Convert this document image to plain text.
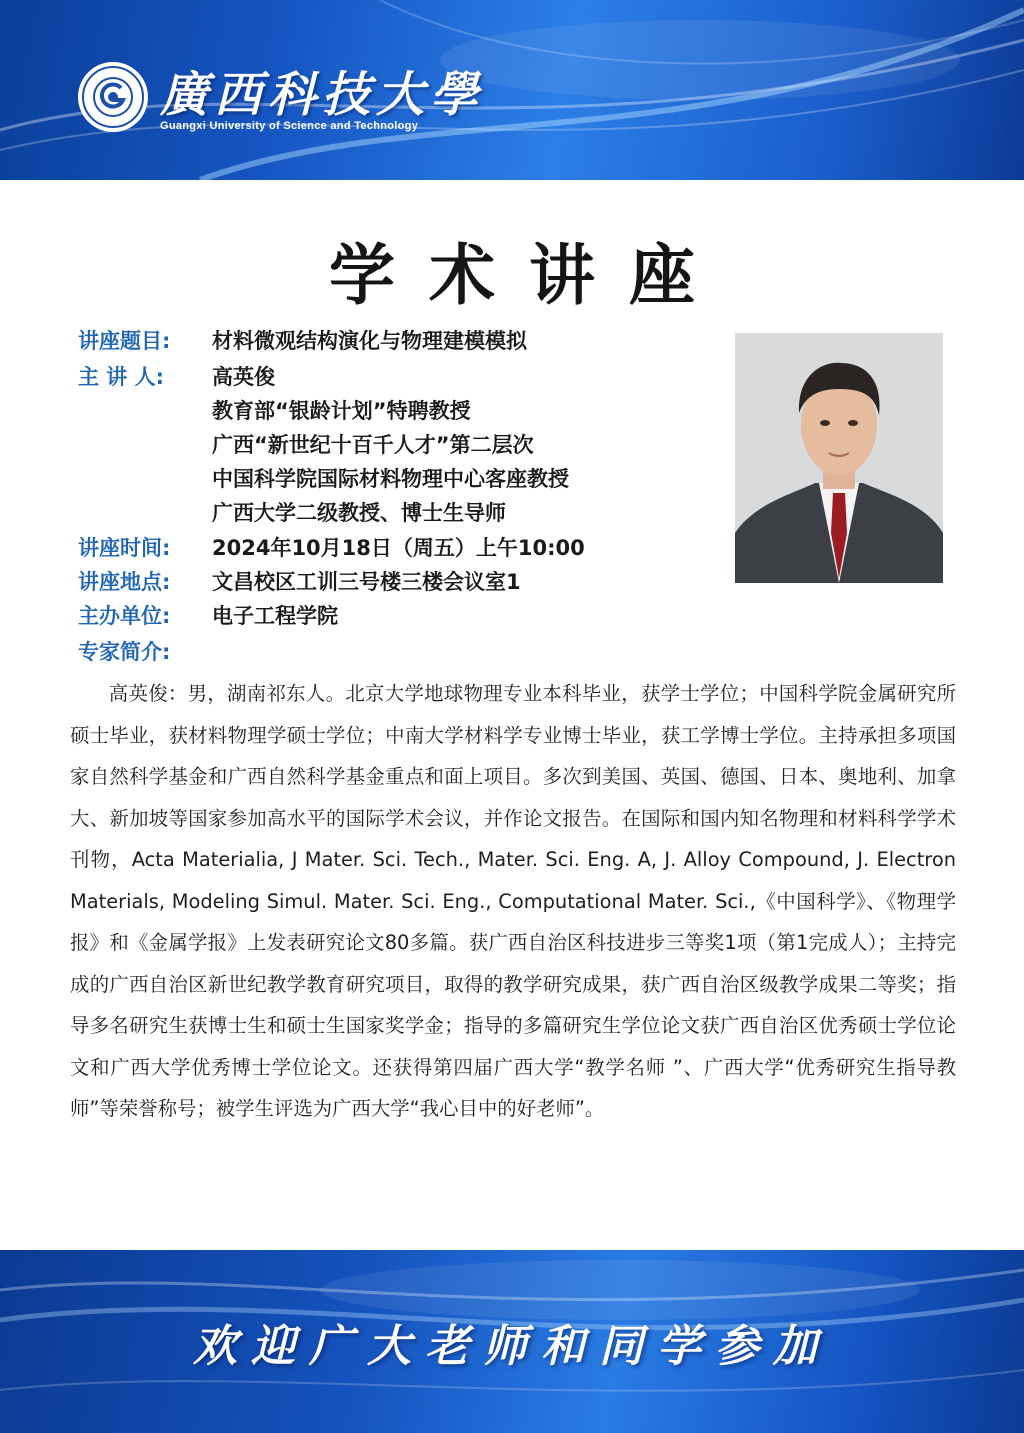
廣西科技大學
Guangxi University of Science and Technology
学术讲座
讲座题目:	材料微观结构演化与物理建模模拟
主 讲 人:	高英俊
教育部“银龄计划”特聘教授
广西“新世纪十百千人才”第二层次
中国科学院国际材料物理中心客座教授
广西大学二级教授、博士生导师
讲座时间:	2024年10月18日（周五）上午10:00
讲座地点:	文昌校区工训三号楼三楼会议室1
主办单位:	电子工程学院
专家简介:

高英俊：男，湖南祁东人。北京大学地球物理专业本科毕业，获学士学位；中国科学院金属研究所硕士毕业，获材料物理学硕士学位；中南大学材料学专业博士毕业，获工学博士学位。主持承担多项国家自然科学基金和广西自然科学基金重点和面上项目。多次到美国、英国、德国、日本、奥地利、加拿大、新加坡等国家参加高水平的国际学术会议，并作论文报告。在国际和国内知名物理和材料科学学术刊物，Acta Materialia, J Mater. Sci. Tech., Mater. Sci. Eng. A, J. Alloy Compound, J. Electron Materials, Modeling Simul. Mater. Sci. Eng., Computational Mater. Sci.,《中国科学》、《物理学报》和《金属学报》上发表研究论文80多篇。获广西自治区科技进步三等奖1项（第1完成人）；主持完成的广西自治区新世纪教学教育研究项目，取得的教学研究成果，获广西自治区级教学成果二等奖；指导多名研究生获博士生和硕士生国家奖学金；指导的多篇研究生学位论文获广西自治区优秀硕士学位论文和广西大学优秀博士学位论文。还获得第四届广西大学“教学名师 ”、广西大学“优秀研究生指导教师”等荣誉称号；被学生评选为广西大学“我心目中的好老师”。

欢迎广大老师和同学参加
